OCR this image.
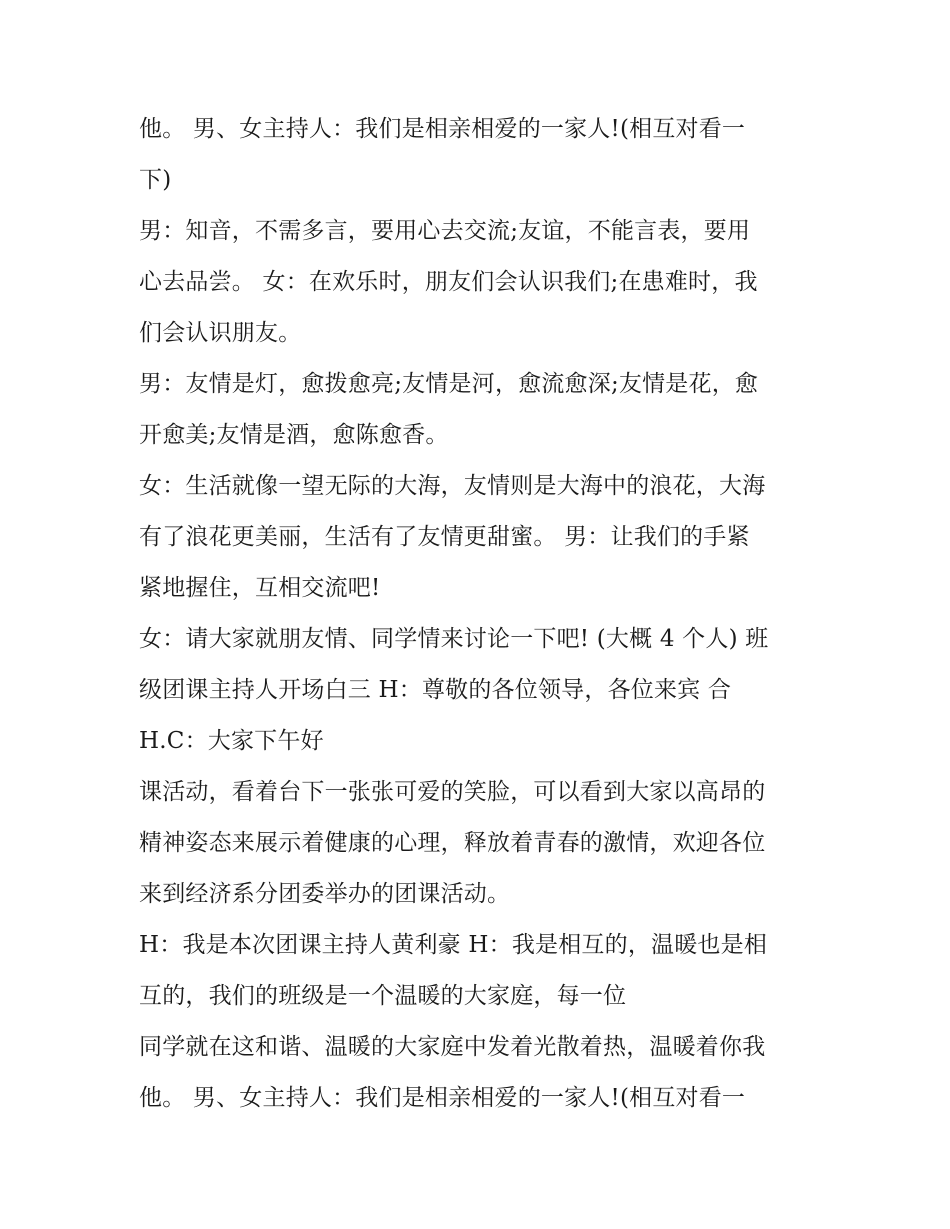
他。 男、女主持人：我们是相亲相爱的一家人!(相互对看一
下)
男：知音，不需多言，要用心去交流;友谊，不能言表，要用
心去品尝。 女：在欢乐时，朋友们会认识我们;在患难时，我
们会认识朋友。
男：友情是灯，愈拨愈亮;友情是河，愈流愈深;友情是花，愈
开愈美;友情是酒，愈陈愈香。
女：生活就像一望无际的大海，友情则是大海中的浪花，大海
有了浪花更美丽，生活有了友情更甜蜜。 男：让我们的手紧
紧地握住，互相交流吧!
女：请大家就朋友情、同学情来讨论一下吧! (大概 4 个人) 班
级团课主持人开场白三 H：尊敬的各位领导，各位来宾 合
H.C：大家下午好
课活动，看着台下一张张可爱的笑脸，可以看到大家以高昂的
精神姿态来展示着健康的心理，释放着青春的激情，欢迎各位
来到经济系分团委举办的团课活动。
H：我是本次团课主持人黄利豪 H：我是相互的，温暖也是相
互的，我们的班级是一个温暖的大家庭，每一位
同学就在这和谐、温暖的大家庭中发着光散着热，温暖着你我
他。 男、女主持人：我们是相亲相爱的一家人!(相互对看一
